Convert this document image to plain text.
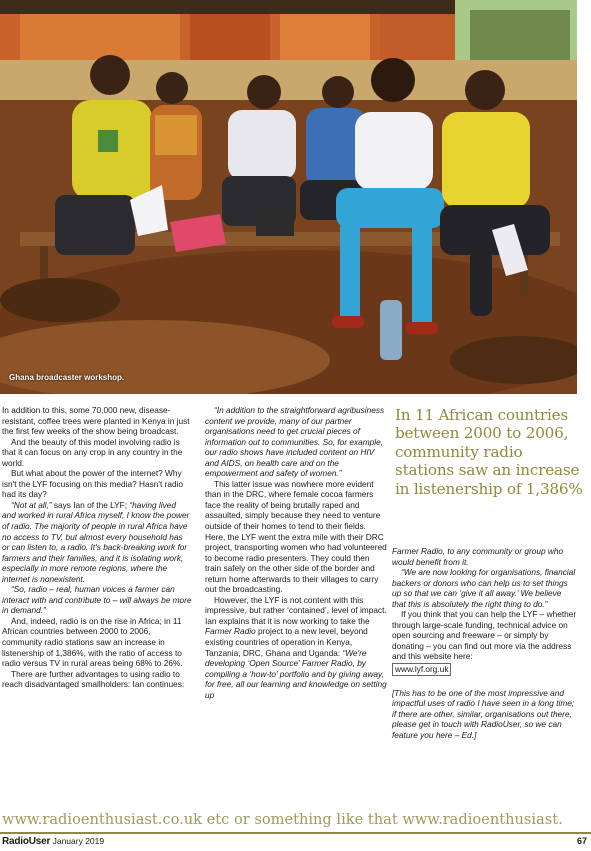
Ghana broadcaster workshop.

In addition to this, some 70,000 new, disease-resistant, coffee trees were planted in Kenya in just the first few weeks of the show being broadcast.

And the beauty of this model involving radio is that it can focus on any crop in any country in the world.

But what about the power of the internet? Why isn't the LYF focusing on this media? Hasn't radio had its day?

“Not at all,” says Ian of the LYF; “having lived and worked in rural Africa myself, I know the power of radio. The majority of people in rural Africa have no access to TV, but almost every household has or can listen to, a radio. It's back-breaking work for farmers and their families, and it is isolating work, especially in more remote regions, where the internet is nonexistent.

“So, radio – real, human voices a farmer can interact with and contribute to – will always be more in demand.”

And, indeed, radio is on the rise in Africa; in 11 African countries between 2000 to 2006, community radio stations saw an increase in listenership of 1,386%, with the ratio of access to radio versus TV in rural areas being 68% to 26%.

There are further advantages to using radio to reach disadvantaged smallholders: Ian continues:

“In addition to the straightforward agribusiness content we provide, many of our partner organisations need to get crucial pieces of information out to communities. So, for example, our radio shows have included content on HIV and AIDS, on health care and on the empowerment and safety of women.”

This latter issue was nowhere more evident than in the DRC, where female cocoa farmers face the reality of being brutally raped and assaulted, simply because they need to venture outside of their homes to tend to their fields. Here, the LYF went the extra mile with their DRC project, transporting women who had volunteered to become radio presenters. They could then train safely on the other side of the border and return home afterwards to their villages to carry out the broadcasting.

However, the LYF is not content with this impressive, but rather ‘contained’, level of impact. Ian explains that it is now working to take the Farmer Radio project to a new level, beyond existing countries of operation in Kenya, Tanzania, DRC, Ghana and Uganda: “We're developing ‘Open Source’ Farmer Radio, by compiling a ‘how-to’ portfolio and by giving away, for free, all our learning and knowledge on setting up

In 11 African countries between 2000 to 2006, community radio stations saw an increase in listenership of 1,386%

Farmer Radio, to any community or group who would benefit from it.

“We are now looking for organisations, financial backers or donors who can help us to set things up so that we can ‘give it all away.’ We believe that this is absolutely the right thing to do.”

If you think that you can help the LYF – whether through large-scale funding, technical advice on open sourcing and freeware – or simply by donating – you can find out more via the address and this website here:

www.lyf.org.uk

[This has to be one of the most impressive and impactful uses of radio I have seen in a long time; if there are other, similar, organisations out there, please get in touch with RadioUser, so we can feature you here – Ed.]

www.radioenthusiast.co.uk etc or something like that www.radioenthusiast.
RadioUser January 2019	67
